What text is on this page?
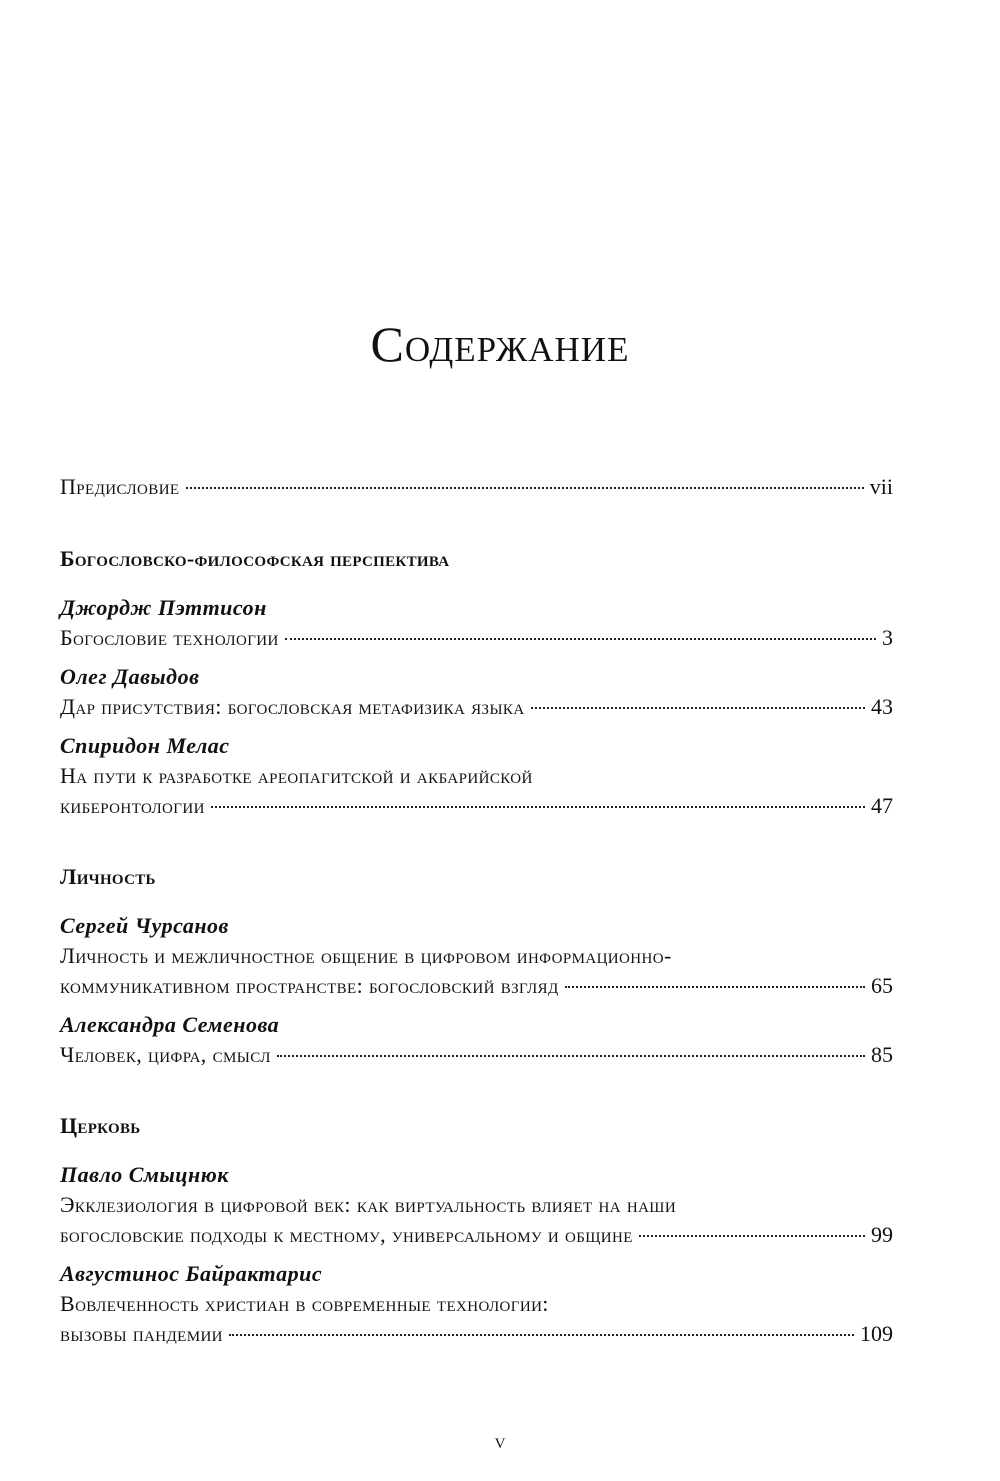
Содержание
Предисловие	vii
Богословско-философская перспектива
Джордж Пэттисон
Богословие технологии	3
Олег Давыдов
Дар присутствия: богословская метафизика языка	43
Спиридон Мелас
На пути к разработке ареопагитской и акбарийской
киберонтологии	47
Личность
Сергей Чурсанов
Личность и межличностное общение в цифровом информационно-
коммуникативном пространстве: богословский взгляд	65
Александра Семенова
Человек, цифра, смысл	85
Церковь
Павло Смыцнюк
Экклезиология в цифровой век: как виртуальность влияет на наши
богословские подходы к местному, универсальному и общине	99
Августинос Байрактарис
Вовлеченность христиан в современные технологии:
вызовы пандемии	109
v
